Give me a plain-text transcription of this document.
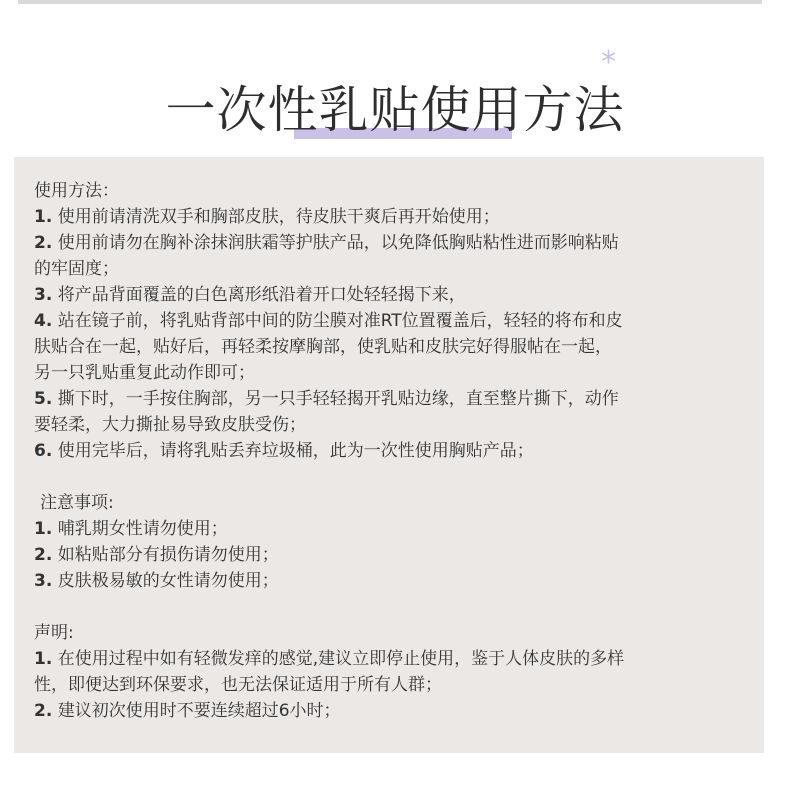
一次性乳贴使用方法
*

使用方法：

1. 使用前请清洗双手和胸部皮肤，待皮肤干爽后再开始使用；

2. 使用前请勿在胸补涂抹润肤霜等护肤产品，以免降低胸贴粘性进而影响粘贴

的牢固度；

3. 将产品背面覆盖的白色离形纸沿着开口处轻轻揭下来，

4. 站在镜子前，将乳贴背部中间的防尘膜对准RT位置覆盖后，轻轻的将布和皮

肤贴合在一起，贴好后，再轻柔按摩胸部，使乳贴和皮肤完好得服帖在一起，

另一只乳贴重复此动作即可；

5. 撕下时，一手按住胸部，另一只手轻轻揭开乳贴边缘，直至整片撕下，动作

要轻柔，大力撕扯易导致皮肤受伤；

6. 使用完毕后，请将乳贴丢弃垃圾桶，此为一次性使用胸贴产品；

注意事项:

1. 哺乳期女性请勿使用；

2. 如粘贴部分有损伤请勿使用；

3. 皮肤极易敏的女性请勿使用；

声明:

1. 在使用过程中如有轻微发痒的感觉,建议立即停止使用，鉴于人体皮肤的多样

性，即便达到环保要求，也无法保证适用于所有人群；

2. 建议初次使用时不要连续超过6小时；
